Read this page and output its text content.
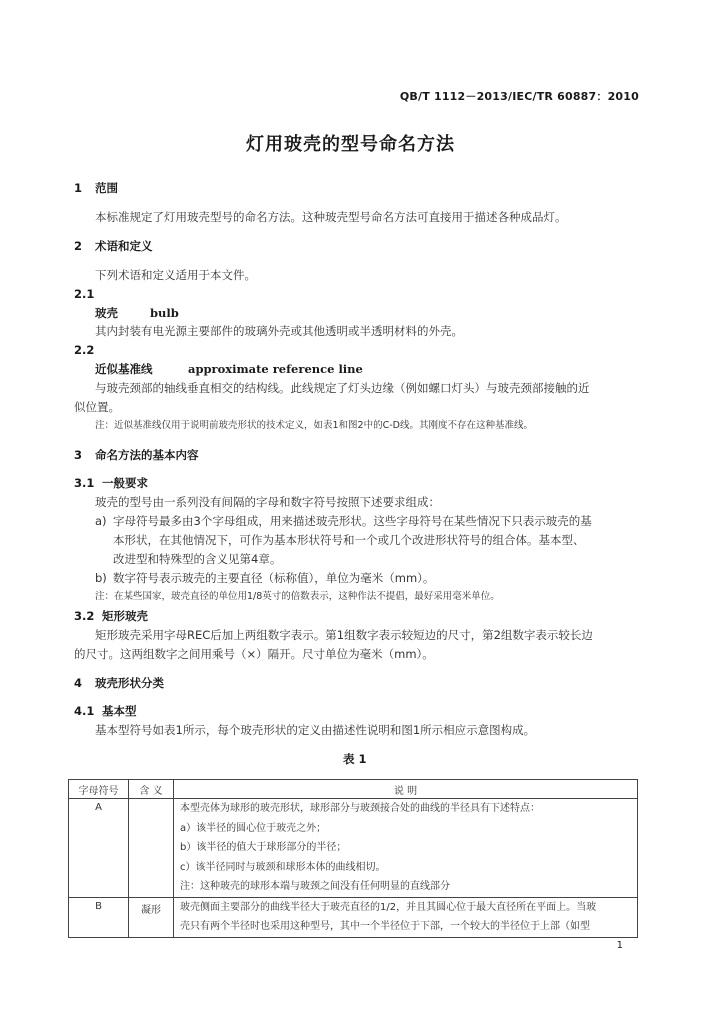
QB/T 1112－2013/IEC/TR 60887：2010
灯用玻壳的型号命名方法
1 范围
本标准规定了灯用玻壳型号的命名方法。这种玻壳型号命名方法可直接用于描述各种成品灯。
2 术语和定义
下列术语和定义适用于本文件。
2.1
玻壳	bulb
其内封装有电光源主要部件的玻璃外壳或其他透明或半透明材料的外壳。
2.2
近似基准线	approximate reference line
与玻壳颈部的轴线垂直相交的结构线。此线规定了灯头边缘（例如螺口灯头）与玻壳颈部接触的近
似位置。
注：近似基准线仅用于说明前玻壳形状的技术定义，如表1和图2中的C-D线。其刚度不存在这种基准线。
3 命名方法的基本内容
3.1 一般要求
玻壳的型号由一系列没有间隔的字母和数字符号按照下述要求组成：
a) 字母符号最多由3个字母组成，用来描述玻壳形状。这些字母符号在某些情况下只表示玻壳的基
本形状，在其他情况下，可作为基本形状符号和一个或几个改进形状符号的组合体。基本型、
改进型和特殊型的含义见第4章。
b) 数字符号表示玻壳的主要直径（标称值），单位为毫米（mm）。
注：在某些国家，玻壳直径的单位用1/8英寸的倍数表示，这种作法不提倡，最好采用毫米单位。
3.2 矩形玻壳
矩形玻壳采用字母REC后加上两组数字表示。第1组数字表示较短边的尺寸，第2组数字表示较长边
的尺寸。这两组数字之间用乘号（×）隔开。尺寸单位为毫米（mm）。
4 玻壳形状分类
4.1 基本型
基本型符号如表1所示，每个玻壳形状的定义由描述性说明和图1所示相应示意图构成。
表 1
字母符号	含 义	说 明
A		本型壳体为球形的玻壳形状，球形部分与玻颈接合处的曲线的半径具有下述特点：
a）该半径的圆心位于玻壳之外；
b）该半径的值大于球形部分的半径；
c）该半径同时与玻颈和球形本体的曲线相切。
注：这种玻壳的球形本端与玻颈之间没有任何明显的直线部分

B	凝形	玻壳侧面主要部分的曲线半径大于玻壳直径的1/2，并且其圆心位于最大直径所在平面上。当玻
壳只有两个半径时也采用这种型号，其中一个半径位于下部，一个较大的半径位于上部（如型
1
